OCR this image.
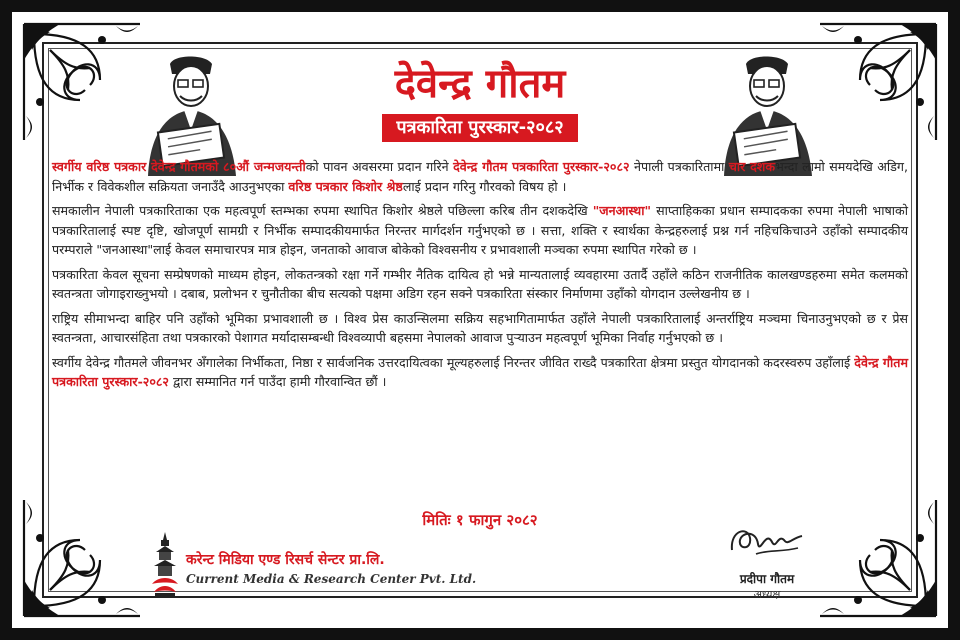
देवेन्द्र गौतम
पत्रकारिता पुरस्कार-२०८२

स्वर्गीय वरिष्ठ पत्रकार देवेन्द्र गौतमको ८०औं जन्मजयन्तीको पावन अवसरमा प्रदान गरिने देवेन्द्र गौतम पत्रकारिता पुरस्कार-२०८२ नेपाली पत्रकारितामा चार दशकभन्दा लामो समयदेखि अडिग, निर्भीक र विवेकशील सक्रियता जनाउँदै आउनुभएका वरिष्ठ पत्रकार किशोर श्रेष्ठलाई प्रदान गरिनु गौरवको विषय हो ।

समकालीन नेपाली पत्रकारिताका एक महत्वपूर्ण स्तम्भका रुपमा स्थापित किशोर श्रेष्ठले पछिल्ला करिब तीन दशकदेखि "जनआस्था" साप्ताहिकका प्रधान सम्पादकका रुपमा नेपाली भाषाको पत्रकारितालाई स्पष्ट दृष्टि, खोजपूर्ण सामग्री र निर्भीक सम्पादकीयमार्फत निरन्तर मार्गदर्शन गर्नुभएको छ । सत्ता, शक्ति र स्वार्थका केन्द्रहरुलाई प्रश्न गर्न नहिचकिचाउने उहाँको सम्पादकीय परम्पराले "जनआस्था"लाई केवल समाचारपत्र मात्र होइन, जनताको आवाज बोकेको विश्वसनीय र प्रभावशाली मञ्चका रुपमा स्थापित गरेको छ ।

पत्रकारिता केवल सूचना सम्प्रेषणको माध्यम होइन, लोकतन्त्रको रक्षा गर्ने गम्भीर नैतिक दायित्व हो भन्ने मान्यतालाई व्यवहारमा उतार्दै उहाँले कठिन राजनीतिक कालखण्डहरुमा समेत कलमको स्वतन्त्रता जोगाइराख्नुभयो । दबाब, प्रलोभन र चुनौतीका बीच सत्यको पक्षमा अडिग रहन सक्ने पत्रकारिता संस्कार निर्माणमा उहाँको योगदान उल्लेखनीय छ ।

राष्ट्रिय सीमाभन्दा बाहिर पनि उहाँको भूमिका प्रभावशाली छ । विश्व प्रेस काउन्सिलमा सक्रिय सहभागितामार्फत उहाँले नेपाली पत्रकारितालाई अन्तर्राष्ट्रिय मञ्चमा चिनाउनुभएको छ र प्रेस स्वतन्त्रता, आचारसंहिता तथा पत्रकारको पेशागत मर्यादासम्बन्धी विश्वव्यापी बहसमा नेपालको आवाज पुर्‍याउन महत्वपूर्ण भूमिका निर्वाह गर्नुभएको छ ।

स्वर्गीय देवेन्द्र गौतमले जीवनभर अँगालेका निर्भीकता, निष्ठा र सार्वजनिक उत्तरदायित्वका मूल्यहरुलाई निरन्तर जीवित राख्दै पत्रकारिता क्षेत्रमा प्रस्तुत योगदानको कदरस्वरुप उहाँलाई देवेन्द्र गौतम पत्रकारिता पुरस्कार-२०८२ द्वारा सम्मानित गर्न पाउँदा हामी गौरवान्वित छौं ।

मितिः १ फागुन २०८२
करेन्ट मिडिया एण्ड रिसर्च सेन्टर प्रा.लि.
Current Media & Research Center Pvt. Ltd.	प्रदीपा गौतम
अध्यक्ष
